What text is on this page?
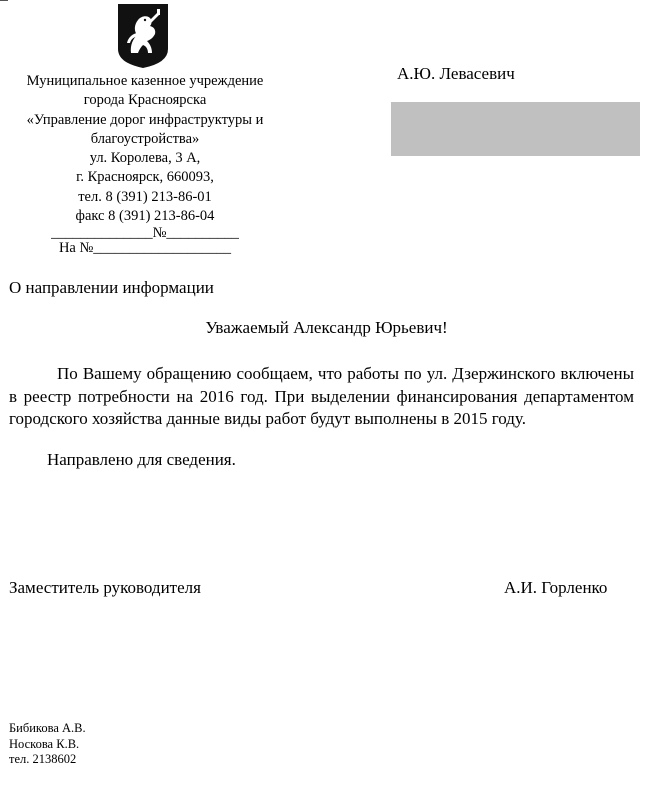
Муниципальное казенное учреждение
города Красноярска
«Управление дорог инфраструктуры и
благоустройства»
ул. Королева, 3 А,
г. Красноярск, 660093,
тел. 8 (391) 213-86-01
факс 8 (391) 213-86-04
______________№__________
На №___________________
А.Ю. Левасевич
О направлении информации
Уважаемый Александр Юрьевич!

По Вашему обращению сообщаем, что работы по ул. Дзержинского включены в реестр потребности на 2016 год. При выделении финансирования департаментом городского хозяйства данные виды работ будут выполнены в 2015 году.

Направлено для сведения.
Заместитель руководителя	А.И. Горленко
Бибикова А.В.
Носкова К.В.
тел. 2138602
